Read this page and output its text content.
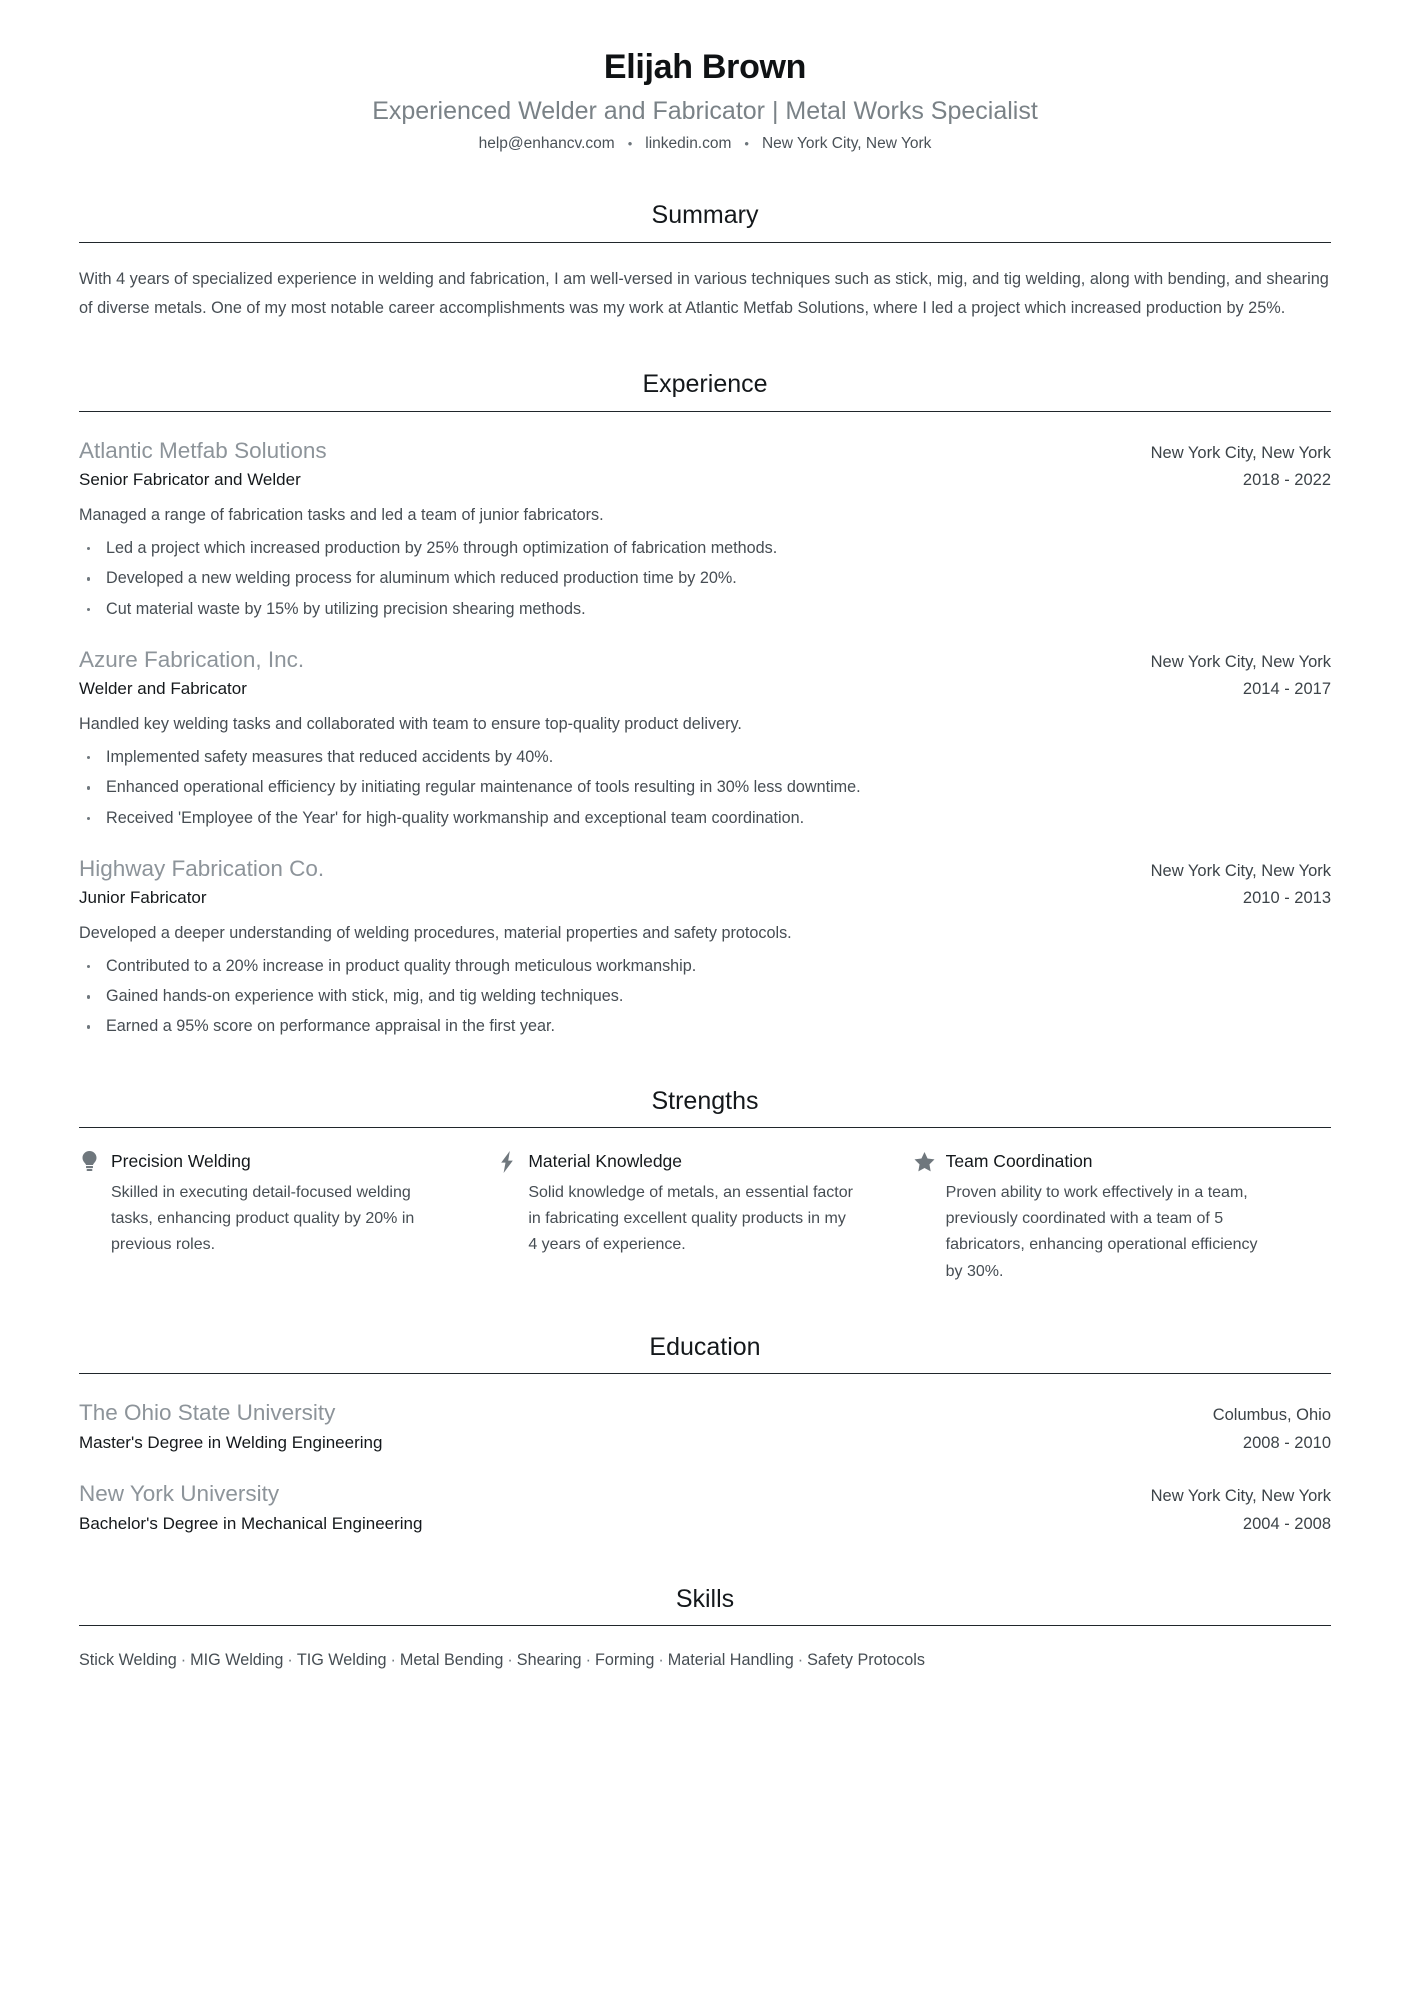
Elijah Brown
Experienced Welder and Fabricator | Metal Works Specialist
help@enhancv.com	• linkedin.com	• New York City, New York
Summary

With 4 years of specialized experience in welding and fabrication, I am well-versed in various techniques such as stick, mig, and tig welding, along with bending, and shearing of diverse metals. One of my most notable career accomplishments was my work at Atlantic Metfab Solutions, where I led a project which increased production by 25%.

Experience
Atlantic Metfab Solutions
Senior Fabricator and Welder
New York City, New York
2018 - 2022
Managed a range of fabrication tasks and led a team of junior fabricators.
Led a project which increased production by 25% through optimization of fabrication methods.
Developed a new welding process for aluminum which reduced production time by 20%.
Cut material waste by 15% by utilizing precision shearing methods.
Azure Fabrication, Inc.
Welder and Fabricator
New York City, New York
2014 - 2017
Handled key welding tasks and collaborated with team to ensure top-quality product delivery.
Implemented safety measures that reduced accidents by 40%.
Enhanced operational efficiency by initiating regular maintenance of tools resulting in 30% less downtime.
Received 'Employee of the Year' for high-quality workmanship and exceptional team coordination.
Highway Fabrication Co.
Junior Fabricator
New York City, New York
2010 - 2013
Developed a deeper understanding of welding procedures, material properties and safety protocols.
Contributed to a 20% increase in product quality through meticulous workmanship.
Gained hands-on experience with stick, mig, and tig welding techniques.
Earned a 95% score on performance appraisal in the first year.
Strengths
Precision Welding
Skilled in executing detail-focused welding tasks, enhancing product quality by 20% in previous roles.
Material Knowledge
Solid knowledge of metals, an essential factor in fabricating excellent quality products in my 4 years of experience.
Team Coordination
Proven ability to work effectively in a team, previously coordinated with a team of 5 fabricators, enhancing operational efficiency by 30%.
Education
The Ohio State University
Master's Degree in Welding Engineering
Columbus, Ohio
2008 - 2010
New York University
Bachelor's Degree in Mechanical Engineering
New York City, New York
2004 - 2008
Skills
Stick Welding · MIG Welding · TIG Welding · Metal Bending · Shearing · Forming · Material Handling · Safety Protocols
